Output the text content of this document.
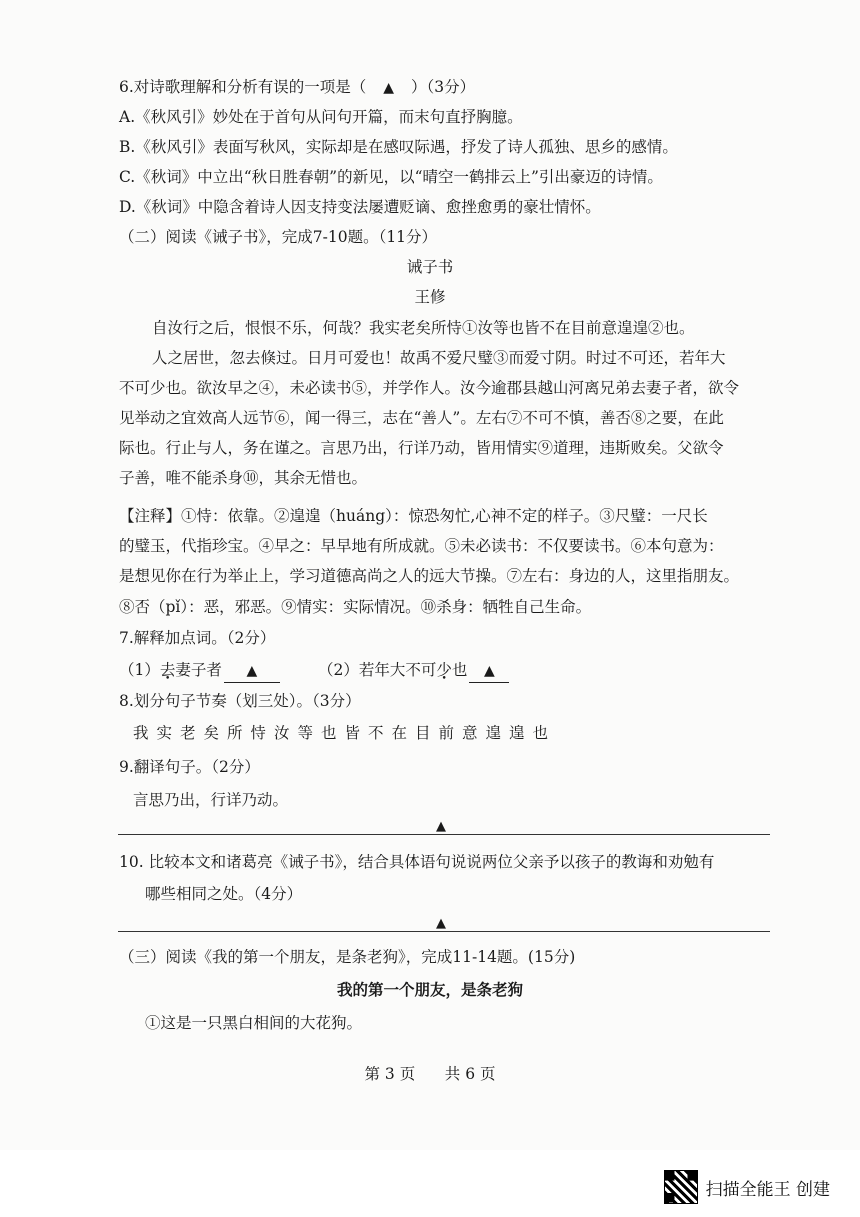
6.对诗歌理解和分析有误的一项是（ ▲ ）（3分）
A.《秋风引》妙处在于首句从问句开篇，而末句直抒胸臆。
B.《秋风引》表面写秋风，实际却是在感叹际遇，抒发了诗人孤独、思乡的感情。
C.《秋词》中立出“秋日胜春朝”的新见，以“晴空一鹤排云上”引出豪迈的诗情。
D.《秋词》中隐含着诗人因支持变法屡遭贬谪、愈挫愈勇的豪壮情怀。
（二）阅读《诫子书》，完成7-10题。（11分）
诫子书
王修
自汝行之后，恨恨不乐，何哉？我实老矣所恃①汝等也皆不在目前意遑遑②也。
人之居世，忽去倏过。日月可爱也！故禹不爱尺璧③而爱寸阴。时过不可还，若年大
不可少也。欲汝早之④，未必读书⑤，并学作人。汝今逾郡县越山河离兄弟去妻子者，欲令
见举动之宜效高人远节⑥，闻一得三，志在“善人”。左右⑦不可不慎，善否⑧之要，在此
际也。行止与人，务在谨之。言思乃出，行详乃动，皆用情实⑨道理，违斯败矣。父欲令
子善，唯不能杀身⑩，其余无惜也。
【注释】①恃：依靠。②遑遑（huáng）：惊恐匆忙,心神不定的样子。③尺璧：一尺长
的璧玉，代指珍宝。④早之：早早地有所成就。⑤未必读书：不仅要读书。⑥本句意为：
是想见你在行为举止上，学习道德高尚之人的远大节操。⑦左右：身边的人，这里指朋友。
⑧否（pǐ）：恶，邪恶。⑨情实：实际情况。⑩杀身：牺牲自己生命。
7.解释加点词。（2分）
（1）去妻子者 ▲	（2）若年大不可少也 ▲
8.划分句子节奏（划三处）。（3分）
我实老矣所恃汝等也皆不在目前意遑遑也
9.翻译句子。（2分）
言思乃出，行详乃动。
▲
10. 比较本文和诸葛亮《诫子书》，结合具体语句说说两位父亲予以孩子的教诲和劝勉有
哪些相同之处。（4分）
▲
（三）阅读《我的第一个朋友，是条老狗》，完成11-14题。(15分)
我的第一个朋友，是条老狗
①这是一只黑白相间的大花狗。
第 3 页      共 6 页
扫描全能王 创建
